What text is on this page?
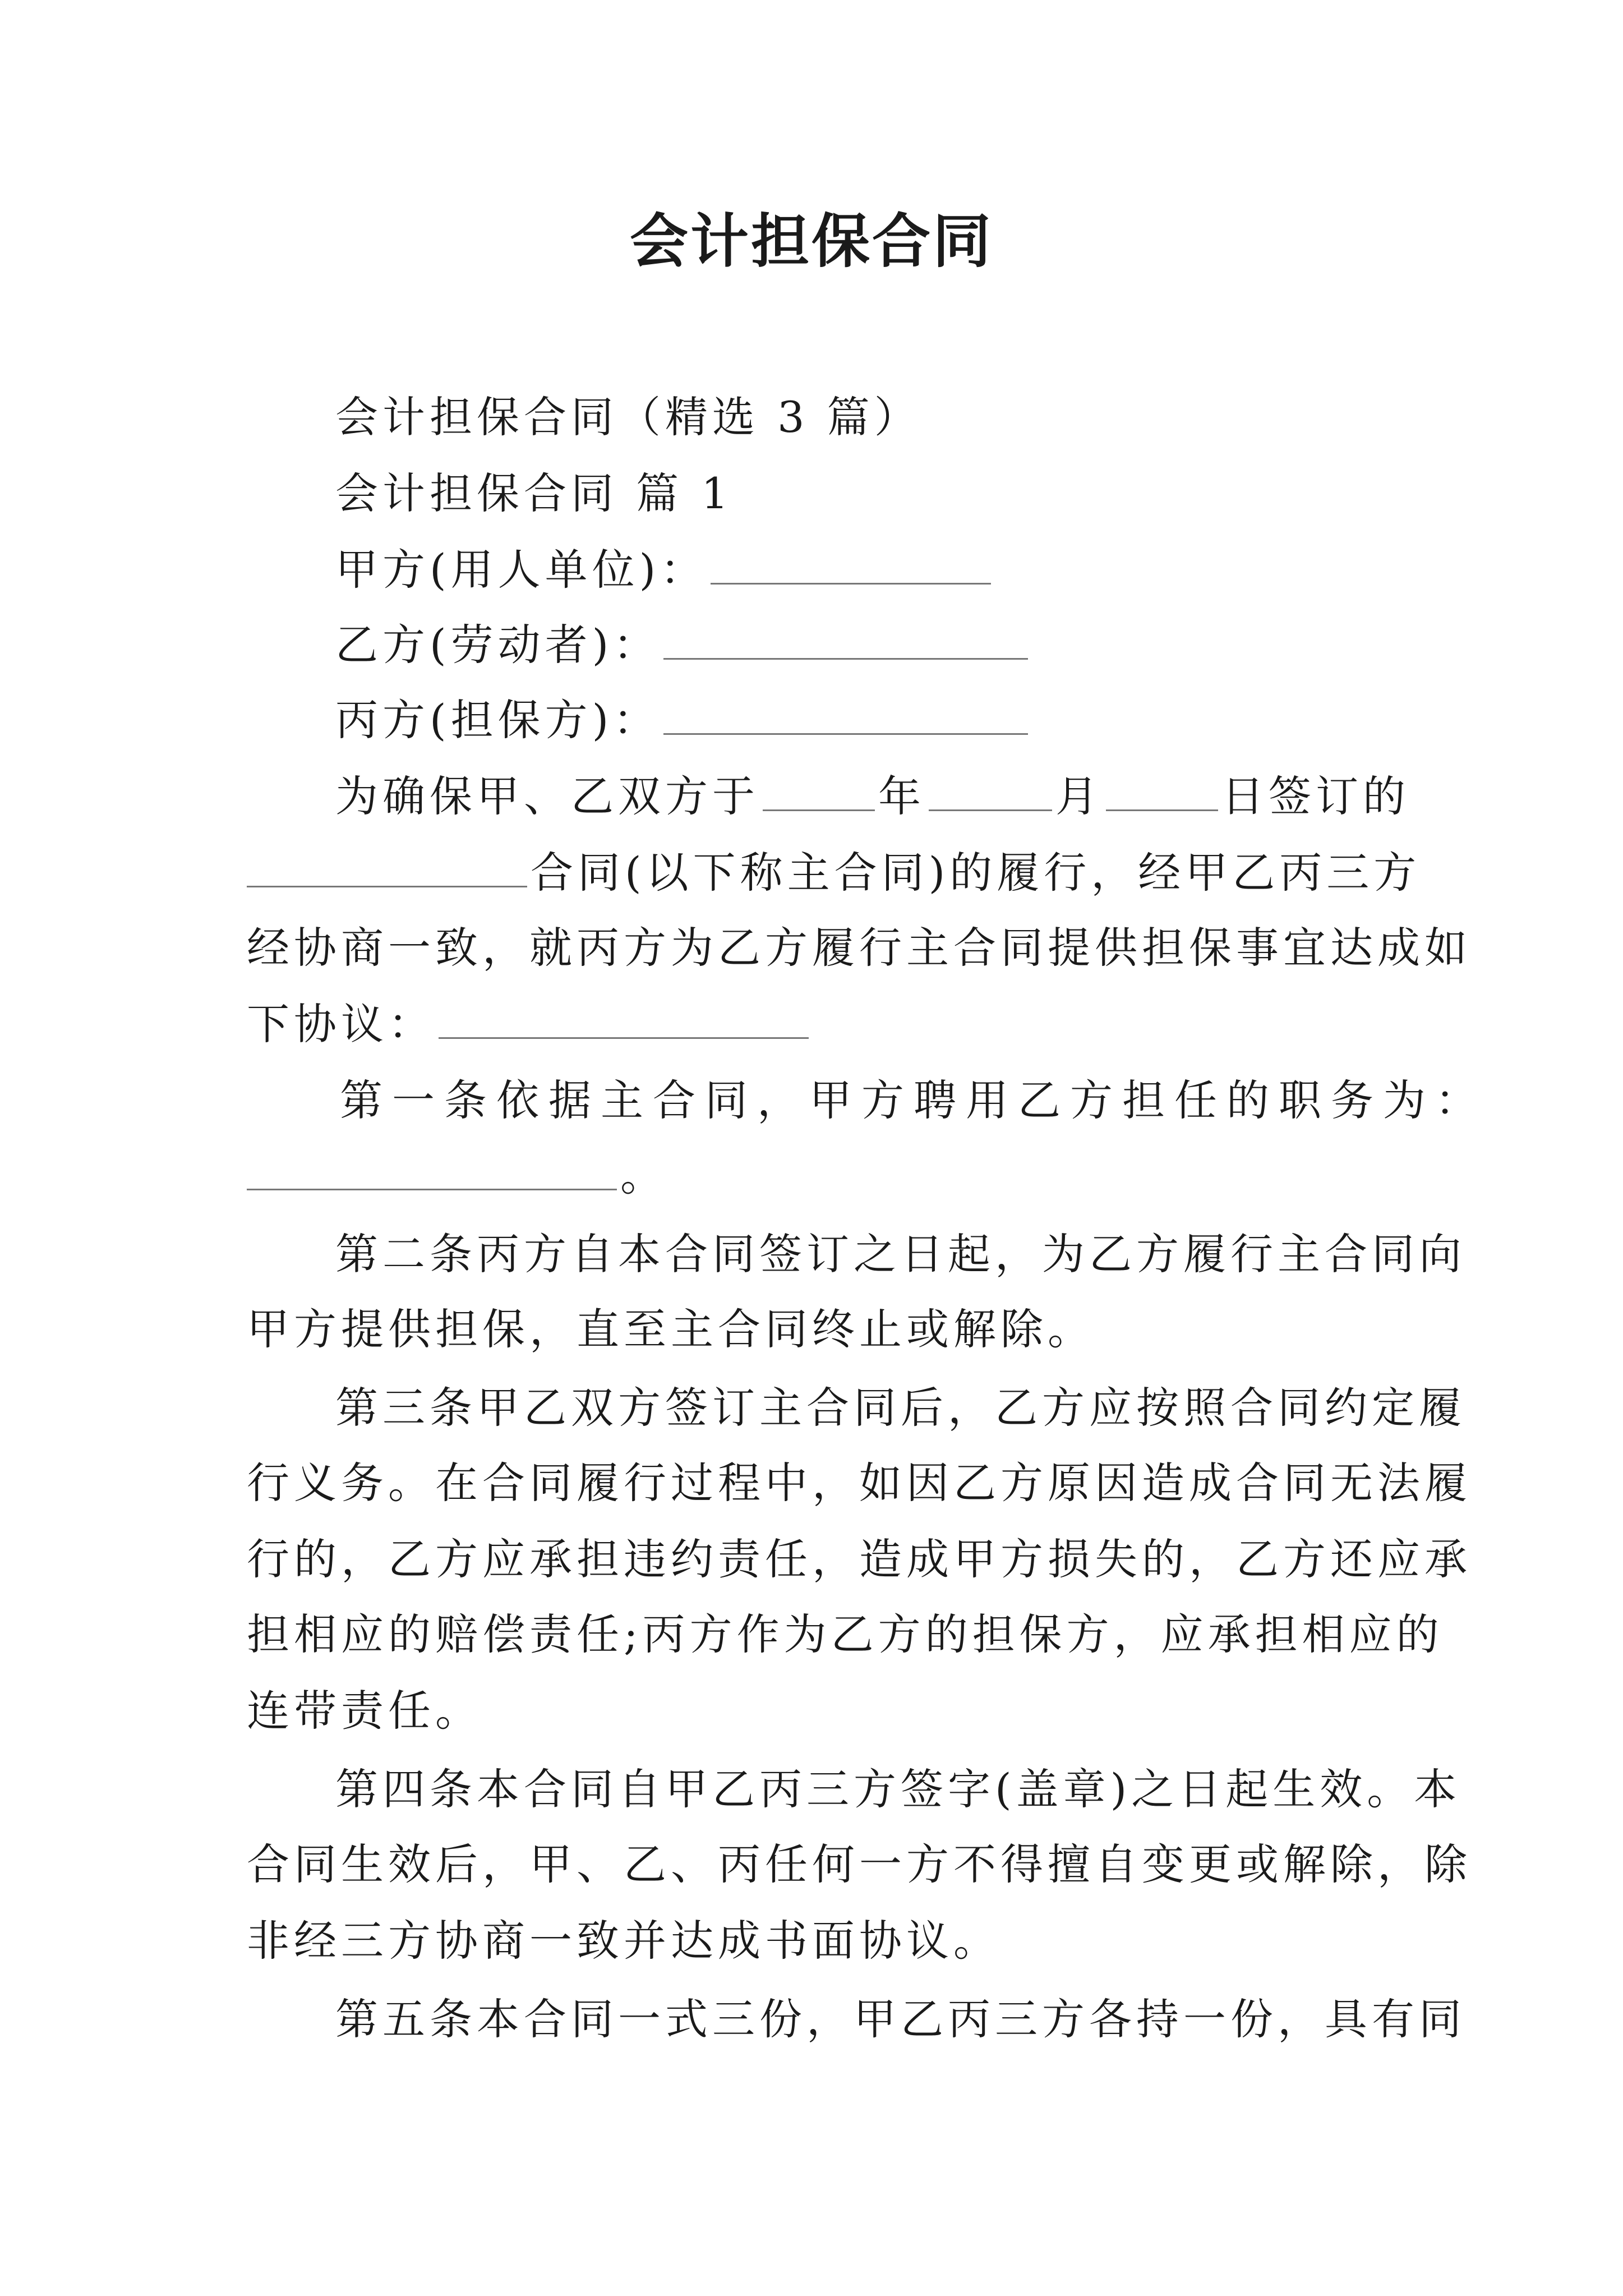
会计担保合同
会计担保合同（精选 3 篇）
会计担保合同 篇 1
甲方(用人单位)：
乙方(劳动者)：
丙方(担保方)：
为确保甲、乙双方于	年	月	日签订的
合同(以下称主合同)的履行，经甲乙丙三方
经协商一致，就丙方为乙方履行主合同提供担保事宜达成如
下协议：
第一条依据主合同，甲方聘用乙方担任的职务为：
。
第二条丙方自本合同签订之日起，为乙方履行主合同向
甲方提供担保，直至主合同终止或解除。
第三条甲乙双方签订主合同后，乙方应按照合同约定履
行义务。在合同履行过程中，如因乙方原因造成合同无法履
行的，乙方应承担违约责任，造成甲方损失的，乙方还应承
担相应的赔偿责任;丙方作为乙方的担保方，应承担相应的
连带责任。
第四条本合同自甲乙丙三方签字(盖章)之日起生效。本
合同生效后，甲、乙、丙任何一方不得擅自变更或解除，除
非经三方协商一致并达成书面协议。
第五条本合同一式三份，甲乙丙三方各持一份，具有同
